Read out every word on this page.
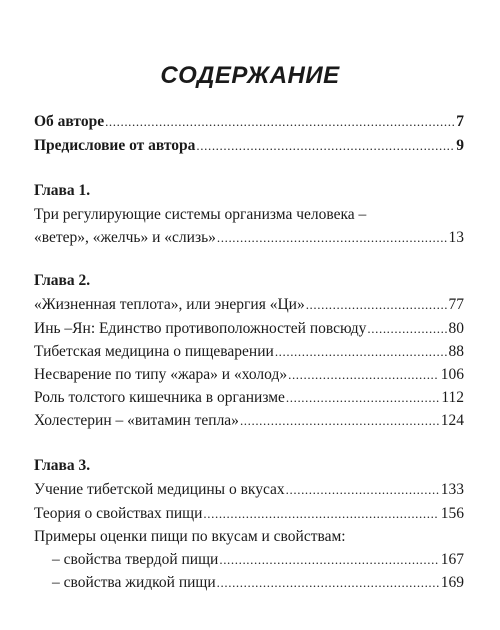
СОДЕРЖАНИЕ
Об авторе .....	7
Предисловие от автора .....	9
Глава 1.
Три регулирующие системы организма человека –
«ветер», «желчь» и «слизь» .....	13
Глава 2.
«Жизненная теплота», или энергия «Ци» .....	77
Инь –Ян: Единство противоположностей повсюду .....	80
Тибетская медицина о пищеварении .....	88
Несварение по типу «жара» и «холод» .....	106
Роль толстого кишечника в организме .....	112
Холестерин – «витамин тепла» .....	124
Глава 3.
Учение тибетской медицины о вкусах .....	133
Теория о свойствах пищи .....	156
Примеры оценки пищи по вкусам и свойствам:
– свойства твердой пищи .....	167
– свойства жидкой пищи .....	169
